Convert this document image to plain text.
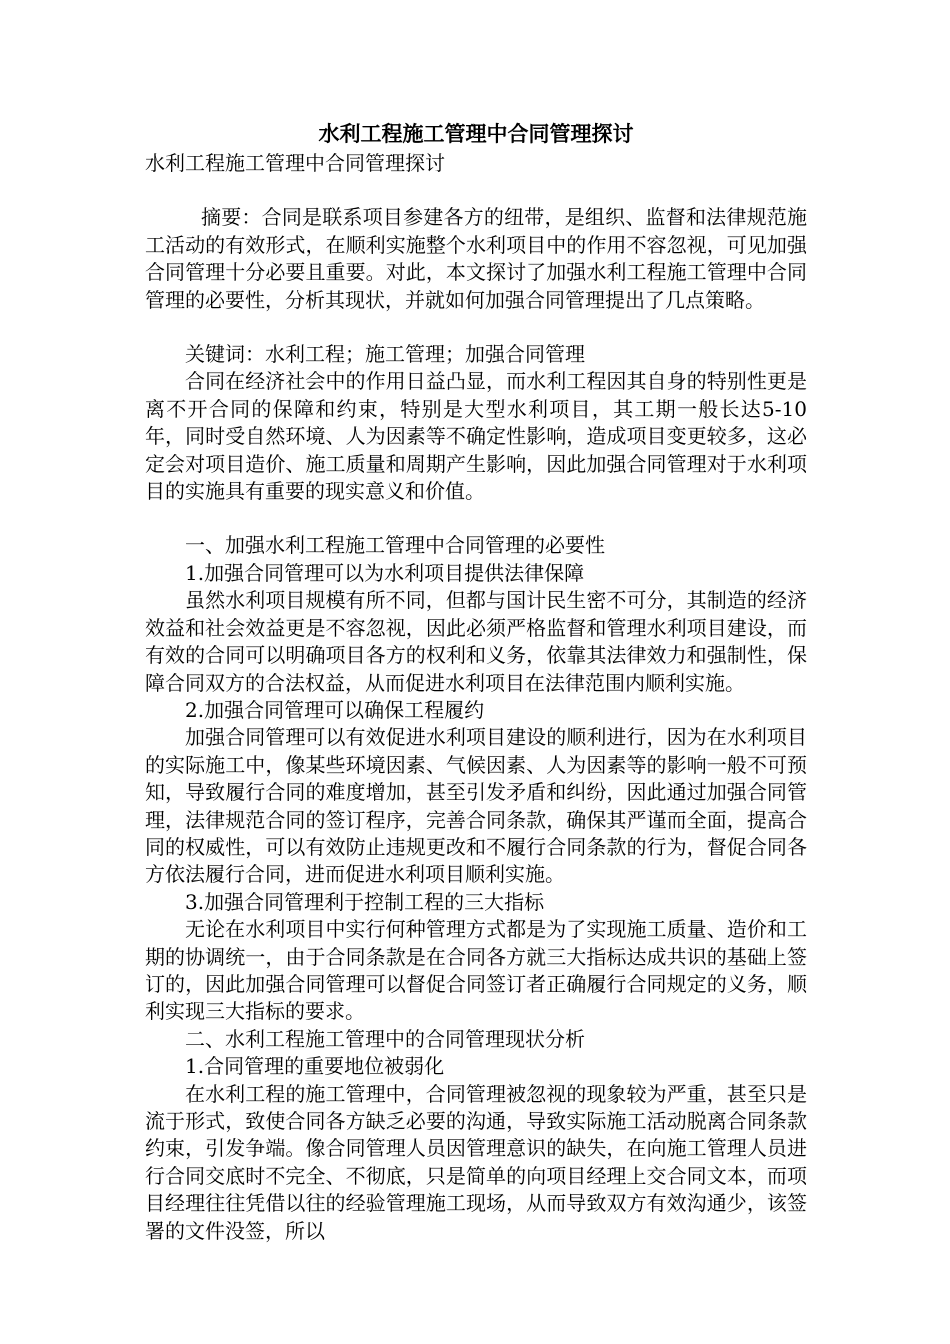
水利工程施工管理中合同管理探讨

水利工程施工管理中合同管理探讨

摘要：合同是联系项目参建各方的纽带，是组织、监督和法律规范施工活动的有效形式，在顺利实施整个水利项目中的作用不容忽视，可见加强合同管理十分必要且重要。对此，本文探讨了加强水利工程施工管理中合同管理的必要性，分析其现状，并就如何加强合同管理提出了几点策略。

关键词：水利工程；施工管理；加强合同管理

合同在经济社会中的作用日益凸显，而水利工程因其自身的特别性更是离不开合同的保障和约束，特别是大型水利项目，其工期一般长达5-10年，同时受自然环境、人为因素等不确定性影响，造成项目变更较多，这必定会对项目造价、施工质量和周期产生影响，因此加强合同管理对于水利项目的实施具有重要的现实意义和价值。

一、加强水利工程施工管理中合同管理的必要性

1.加强合同管理可以为水利项目提供法律保障

虽然水利项目规模有所不同，但都与国计民生密不可分，其制造的经济效益和社会效益更是不容忽视，因此必须严格监督和管理水利项目建设，而有效的合同可以明确项目各方的权利和义务，依靠其法律效力和强制性，保障合同双方的合法权益，从而促进水利项目在法律范围内顺利实施。

2.加强合同管理可以确保工程履约

加强合同管理可以有效促进水利项目建设的顺利进行，因为在水利项目的实际施工中，像某些环境因素、气候因素、人为因素等的影响一般不可预知，导致履行合同的难度增加，甚至引发矛盾和纠纷，因此通过加强合同管理，法律规范合同的签订程序，完善合同条款，确保其严谨而全面，提高合同的权威性，可以有效防止违规更改和不履行合同条款的行为，督促合同各方依法履行合同，进而促进水利项目顺利实施。

3.加强合同管理利于控制工程的三大指标

无论在水利项目中实行何种管理方式都是为了实现施工质量、造价和工期的协调统一，由于合同条款是在合同各方就三大指标达成共识的基础上签订的，因此加强合同管理可以督促合同签订者正确履行合同规定的义务，顺利实现三大指标的要求。

二、水利工程施工管理中的合同管理现状分析

1.合同管理的重要地位被弱化

在水利工程的施工管理中，合同管理被忽视的现象较为严重，甚至只是流于形式，致使合同各方缺乏必要的沟通，导致实际施工活动脱离合同条款约束，引发争端。像合同管理人员因管理意识的缺失，在向施工管理人员进行合同交底时不完全、不彻底，只是简单的向项目经理上交合同文本，而项目经理往往凭借以往的经验管理施工现场，从而导致双方有效沟通少，该签署的文件没签，所以
